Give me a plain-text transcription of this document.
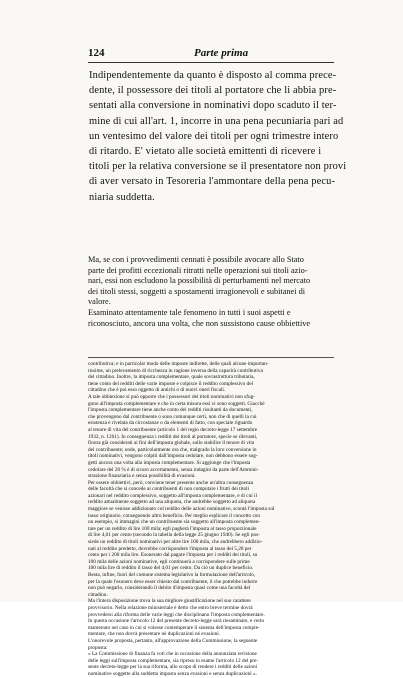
124	Parte prima
Indipendentemente da quanto è disposto al comma prece-
dente, il possessore dei titoli al portatore che li abbia pre-
sentati alla conversione in nominativi dopo scaduto il ter-
mine di cui all'art. 1, incorre in una pena pecuniaria pari ad
un ventesimo del valore dei titoli per ogni trimestre intero
di ritardo. E' vietato alle società emittenti di ricevere i
titoli per la relativa conversione se il presentatore non provi
di aver versato in Tesoreria l'ammontare della pena pecu-
niaria suddetta.
Ma, se con i provvedimenti cennati è possibile avocare allo Stato
parte dei profitti eccezionali ritratti nelle operazioni sui titoli azio-
nari, essi non escludono la possibilità di perturbamenti nel mercato
dei titoli stessi, soggetti a spostamenti irragionevoli e subitanei di
valore.
Esaminato attentamente tale fenomeno in tutti i suoi aspetti e
riconosciuto, ancora una volta, che non sussistono cause obbiettive
contributiva; e in particolar modo delle imposte indirette, delle quali alcune importan-
tissime, un prelevamento di ricchezza in ragione inversa della capacità contributiva
del cittadino. Inoltre, la imposta complementare, quale sovrastruttura tributaria,
tiene conto dei redditi delle varie imposte e colpisce il reddito complessivo del
cittadino che è poi esso oggetto di antichi o di nuovi oneri fiscali.
A tale obbiezione si può opporre che i possessori dei titoli nominativi non sfug-
gono all'imposta complementare e che in certa misura essi vi sono soggetti. Giacché
l'imposta complementare tiene anche conto dei redditi risultanti da documenti,
che provengono dal contribuente o sono comunque certi, non che di quelli la cui
esistenza è rivelata da circostanze o da elementi di fatto, con speciale riguardo
al tenore di vita del contribuente (articolo 1 del regio decreto-legge 17 settembre
1932, n. 1261). In conseguenza i redditi dei titoli al portatore, specie se rilevanti,
finora già considerati ai fini dell'imposta globale, sullo stabilire il tenore di vita
del contribuente; onde, particolarmente ora che, malgrado la loro conversione in
titoli nominativi, vengono colpiti dall'imposta cedolare, non debbono essere sog-
getti ancora una volta alla imposta complementare. Si aggiunge che l'imposta
cedolare del 20 % è di sicuro accertamento, senza indagini da parte dell'Ammini-
strazione finanziaria e senza possibilità di evasioni.
Per essere obbiettivi, però, conviene tener presente anche un'altra conseguenza
delle facoltà che si concede ai contribuenti di non computare i frutti dei titoli
azionari nel reddito complessivo, soggetto all'imposta complementare, e di cui il
reddito attualmente soggetto ad una aliquota, che andrebbe soggetto ad aliquota
maggiore se venisse addizionato col reddito delle azioni nominative, scontà l'imposta sul
tasso originario, conseguendo altro beneficio. Per meglio esplicare il concetto con
un esempio, si immagini che un contribuente sia soggetto all'imposta complemen-
tare per un reddito di lire 100 mila; egli pagherà l'imposta al tasso proporzionale
di lire 4,01 per cento (secondo la tabella della legge 25 giugno 1940). Se egli pos-
siede un reddito di titoli nominativi per altre lire 100 mila, che andrebbero addizio-
nati al reddito predetto, dovrebbe corrispondere l'imposta al tasso del 5,28 per
cento per i 200 mila lire. Esonerato dal pagare l'imposta per i redditi dei titoli, su
100 mila delle azioni nominative, egli continuerà a corrispondere sulle prime
100 mila lire di reddito il tasso del 4,01 per cento. Da ciò un duplice beneficio.
Resta, infine, fuori del comune sistema legislativo la formulazione dell'articolo,
per la quale l'esonero deve esser chiesto dal contribuente, il che potrebbe indurre
non può negarlo, considerando il debito d'imposta quasi come una facoltà del
cittadino.
Ma l'intera disposizione trova la sua migliore giustificazione nel suo carattere
provvisorio. Nella relazione ministeriale è detto che entro breve termine dovrà
provvedersi alla riforma delle varie leggi che disciplinano l'imposta complementare.
In questa occasione l'articolo 12 del presente decreto-legge sarà riesaminato, e certo
mantenuto nel caso in cui si volesse contemperare il sistema dell'imposta comple-
mentare, che non dovrà presentare né duplicazioni né evasioni.
L'onorevole proposta, pertanto, all'approvazione della Commissione, la seguente
proposta:
« La Commissione di finanza fa voti che in occasione della annunziata revisione
delle leggi sull'imposta complementare, sia ripreso in esame l'articolo 12 del pre-
sente decreto-legge per la sua riforma, allo scopo di rendere i redditi delle azioni
nominative soggette alla suddetta imposta senza evasioni e senza duplicazioni ».
